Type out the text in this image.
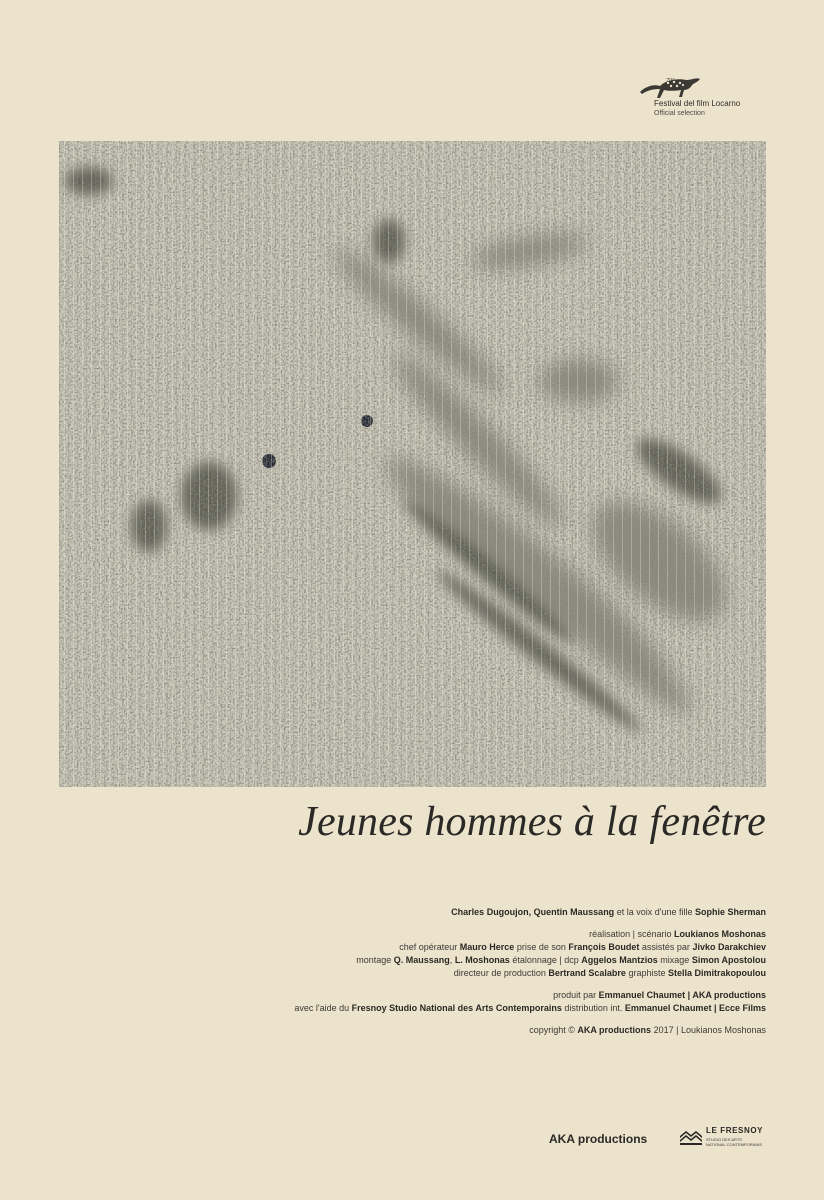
70°
Festival del film Locarno
Official selection
Jeunes hommes à la fenêtre
Charles Dugoujon, Quentin Maussang et la voix d'une fille Sophie Sherman
réalisation | scénario Loukianos Moshonas
chef opérateur Mauro Herce prise de son François Boudet assistés par Jivko Darakchiev
montage Q. Maussang, L. Moshonas étalonnage | dcp Aggelos Mantzios mixage Simon Apostolou
directeur de production Bertrand Scalabre graphiste Stella Dimitrakopoulou
produit par Emmanuel Chaumet | AKA productions
avec l'aide du Fresnoy Studio National des Arts Contemporains distribution int. Emmanuel Chaumet | Ecce Films
copyright © AKA productions 2017 | Loukianos Moshonas
AKA productions
LE FRESNOY
STUDIO DES ARTS
NATIONAL CONTEMPORAINS
